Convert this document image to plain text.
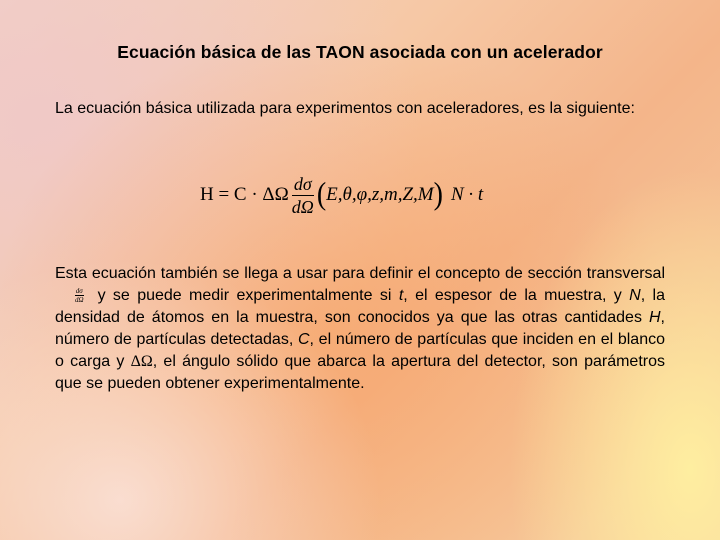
Ecuación básica de las TAON asociada con un acelerador
La ecuación básica utilizada para experimentos con aceleradores, es la siguiente:
H = C · ΔΩ $\frac{d\sigma}{d\Omega}$ ( E,θ,φ,z,m,Z,M ) N · t
Esta ecuación también se llega a usar para definir el concepto de sección transversal
$\frac{d\sigma}{d\Omega}$ y se puede medir experimentalmente si t, el espesor de la muestra, y N, la densidad de átomos en la muestra, son conocidos ya que las otras cantidades H, número de partículas detectadas, C, el número de partículas que inciden en el blanco o carga y ΔΩ, el ángulo sólido que abarca la apertura del detector, son parámetros que se pueden obtener experimentalmente.
